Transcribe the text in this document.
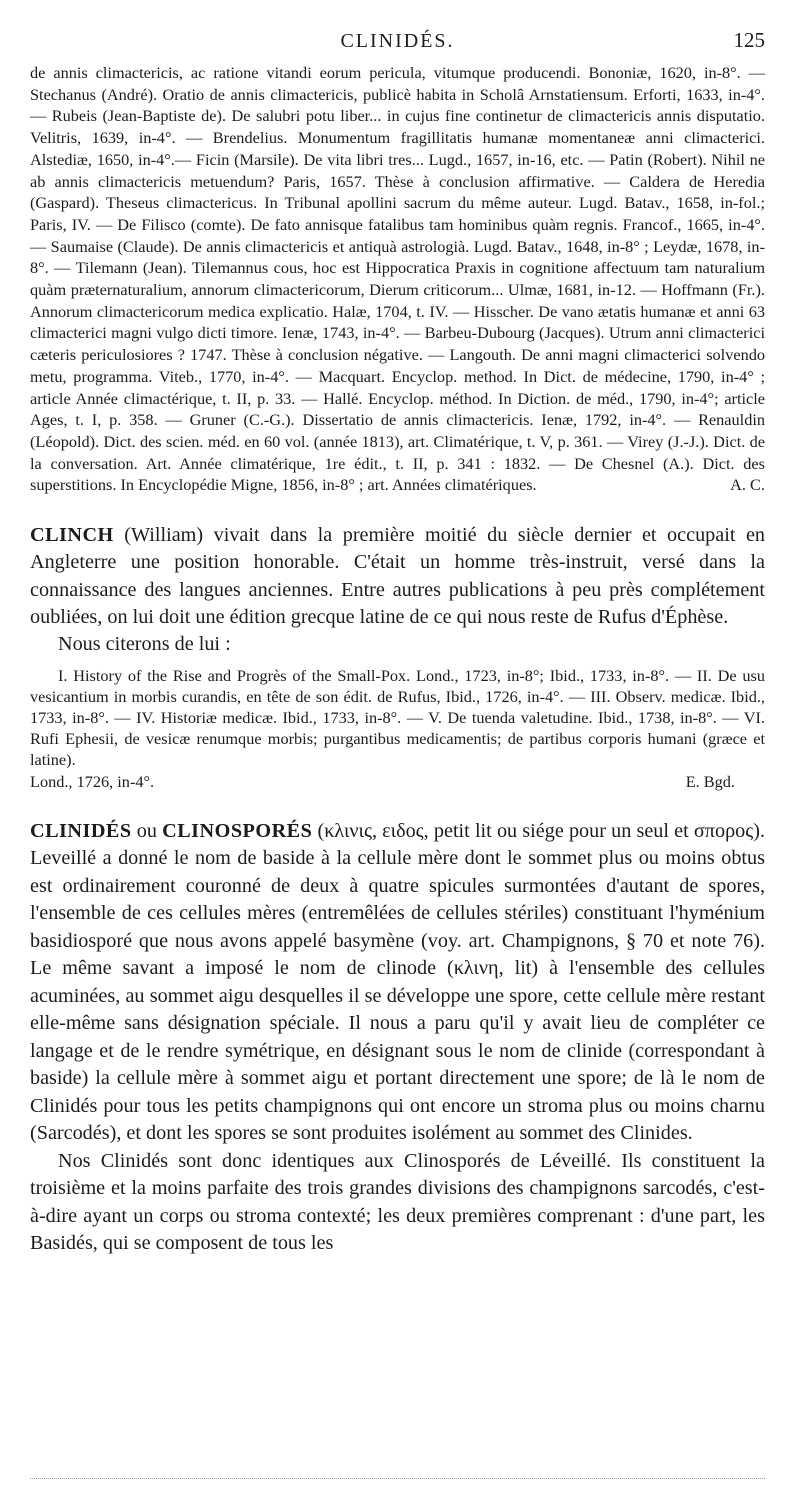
CLINIDÉS.	125

de annis climactericis, ac ratione vitandi eorum pericula, vitumque producendi. Bononiæ, 1620, in-8°. — Stechanus (André). Oratio de annis climactericis, publicè habita in Scholâ Arnstatiensum. Erforti, 1633, in-4°. — Rubeis (Jean-Baptiste de). De salubri potu liber... in cujus fine continetur de climactericis annis disputatio. Velitris, 1639, in-4°. — Brendelius. Monumentum fragillitatis humanæ momentaneæ anni climacterici. Alstediæ, 1650, in-4°.— Ficin (Marsile). De vita libri tres... Lugd., 1657, in-16, etc. — Patin (Robert). Nihil ne ab annis climactericis metuendum? Paris, 1657. Thèse à conclusion affirmative. — Caldera de Heredia (Gaspard). Theseus climactericus. In Tribunal apollini sacrum du même auteur. Lugd. Batav., 1658, in-fol.; Paris, IV. — De Filisco (comte). De fato annisque fatalibus tam hominibus quàm regnis. Francof., 1665, in-4°. — Saumaise (Claude). De annis climactericis et antiquà astrologià. Lugd. Batav., 1648, in-8° ; Leydæ, 1678, in-8°. — Tilemann (Jean). Tilemannus cous, hoc est Hippocratica Praxis in cognitione affectuum tam naturalium quàm præternaturalium, annorum climactericorum, Dierum criticorum... Ulmæ, 1681, in-12. — Hoffmann (Fr.). Annorum climactericorum medica explicatio. Halæ, 1704, t. IV. — Hisscher. De vano ætatis humanæ et anni 63 climacterici magni vulgo dicti timore. Ienæ, 1743, in-4°. — Barbeu-Dubourg (Jacques). Utrum anni climacterici cæteris periculosiores ? 1747. Thèse à conclusion négative. — Langouth. De anni magni climacterici solvendo metu, programma. Viteb., 1770, in-4°. — Macquart. Encyclop. method. In Dict. de médecine, 1790, in-4° ; article Année climactérique, t. II, p. 33. — Hallé. Encyclop. méthod. In Diction. de méd., 1790, in-4°; article Ages, t. I, p. 358. — Gruner (C.-G.). Dissertatio de annis climactericis. Ienæ, 1792, in-4°. — Renauldin (Léopold). Dict. des scien. méd. en 60 vol. (année 1813), art. Climatérique, t. V, p. 361. — Virey (J.-J.). Dict. de la conversation. Art. Année climatérique, 1re édit., t. II, p. 341 : 1832. — De Chesnel (A.). Dict. des superstitions. In Encyclopédie Migne, 1856, in-8° ; art. Années climatériques.	A. C.

CLINCH (William) vivait dans la première moitié du siècle dernier et occupait en Angleterre une position honorable. C'était un homme très-instruit, versé dans la connaissance des langues anciennes. Entre autres publications à peu près complétement oubliées, on lui doit une édition grecque latine de ce qui nous reste de Rufus d'Éphèse.

Nous citerons de lui :

I. History of the Rise and Progrès of the Small-Pox. Lond., 1723, in-8°; Ibid., 1733, in-8°. — II. De usu vesicantium in morbis curandis, en tête de son édit. de Rufus, Ibid., 1726, in-4°. — III. Observ. medicæ. Ibid., 1733, in-8°. — IV. Historiæ medicæ. Ibid., 1733, in-8°. — V. De tuenda valetudine. Ibid., 1738, in-8°. — VI. Rufi Ephesii, de vesicæ renumque morbis; purgantibus medicamentis; de partibus corporis humani (græce et latine).
Lond., 1726, in-4°.	E. Bgd.

CLINIDÉS ou CLINOSPORÉS (κλινις, ειδος, petit lit ou siége pour un seul et σπορος). Leveillé a donné le nom de baside à la cellule mère dont le sommet plus ou moins obtus est ordinairement couronné de deux à quatre spicules surmontées d'autant de spores, l'ensemble de ces cellules mères (entremêlées de cellules stériles) constituant l'hyménium basidiosporé que nous avons appelé basymène (voy. art. Champignons, § 70 et note 76). Le même savant a imposé le nom de clinode (κλινη, lit) à l'ensemble des cellules acuminées, au sommet aigu desquelles il se développe une spore, cette cellule mère restant elle-même sans désignation spéciale. Il nous a paru qu'il y avait lieu de compléter ce langage et de le rendre symétrique, en désignant sous le nom de clinide (correspondant à baside) la cellule mère à sommet aigu et portant directement une spore; de là le nom de Clinidés pour tous les petits champignons qui ont encore un stroma plus ou moins charnu (Sarcodés), et dont les spores se sont produites isolément au sommet des Clinides.

Nos Clinidés sont donc identiques aux Clinosporés de Léveillé. Ils constituent la troisième et la moins parfaite des trois grandes divisions des champignons sarcodés, c'est-à-dire ayant un corps ou stroma contexté; les deux premières comprenant : d'une part, les Basidés, qui se composent de tous les
